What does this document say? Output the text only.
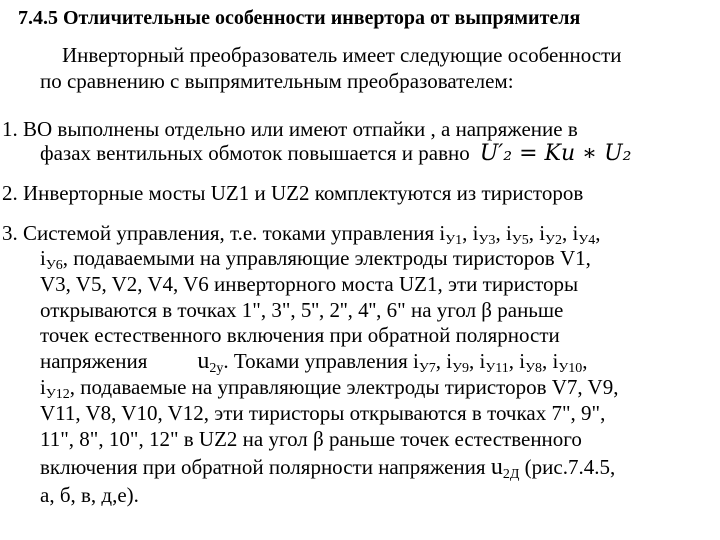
7.4.5 Отличительные особенности инвертора от выпрямителя
Инверторный преобразователь имеет следующие особенности
по сравнению с выпрямительным преобразователем:
1. ВО выполнены отдельно или имеют отпайки , а напряжение в
фазах вентильных обмоток повышается и равно U′₂ = Kи ∗ U₂
2. Инверторные мосты UZ1 и UZ2 комплектуются из тиристоров
3. Системой управления, т.е. токами управления $i_{У1}$, $i_{У3}$, $i_{У5}$, $i_{У2}$, $i_{У4}$,
$i_{У6}$, подаваемыми на управляющие электроды тиристоров V1,
V3, V5, V2, V4, V6 инверторного моста UZ1, эти тиристоры
открываются в точках 1", 3", 5'', 2'', 4'', 6" на угол β раньше
точек естественного включения при обратной полярности
напряжения $u_{2y}$. Токами управления $i_{У7}$, $i_{У9}$, $i_{У11}$, $i_{У8}$, $i_{У10}$,
$i_{У12}$, подаваемые на управляющие электроды тиристоров V7, V9,
V11, V8, V10, V12, эти тиристоры открываются в точках 7", 9",
11", 8", 10", 12" в UZ2 на угол β раньше точек естественного
включения при обратной полярности напряжения $u_{2Д}$ (рис.7.4.5,
а, б, в, д,е).
